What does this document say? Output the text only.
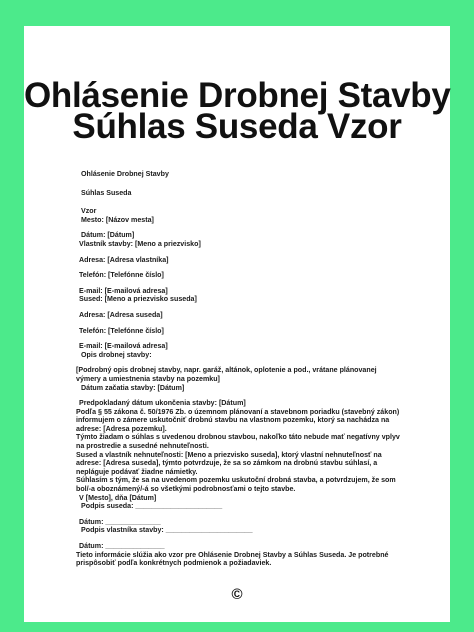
Ohlásenie Drobnej Stavby
Súhlas Suseda Vzor

Ohlásenie Drobnej Stavby

Súhlas Suseda

Vzor

Mesto: [Názov mesta]

Dátum: [Dátum]

Vlastník stavby: [Meno a priezvisko]

Adresa: [Adresa vlastníka]

Telefón: [Telefónne číslo]

E-mail: [E-mailová adresa]

Sused: [Meno a priezvisko suseda]

Adresa: [Adresa suseda]

Telefón: [Telefónne číslo]

E-mail: [E-mailová adresa]

Opis drobnej stavby:

[Podrobný opis drobnej stavby, napr. garáž, altánok, oplotenie a pod., vrátane plánovanej výmery a umiestnenia stavby na pozemku]

Dátum začatia stavby: [Dátum]

Predpokladaný dátum ukončenia stavby: [Dátum]

Podľa § 55 zákona č. 50/1976 Zb. o územnom plánovaní a stavebnom poriadku (stavebný zákon) informujem o zámere uskutočniť drobnú stavbu na vlastnom pozemku, ktorý sa nachádza na adrese: [Adresa pozemku].

Týmto žiadam o súhlas s uvedenou drobnou stavbou, nakoľko táto nebude mať negatívny vplyv na prostredie a susedné nehnuteľnosti.

Sused a vlastník nehnuteľnosti: [Meno a priezvisko suseda], ktorý vlastní nehnuteľnosť na adrese: [Adresa suseda], týmto potvrdzuje, že sa so zámkom na drobnú stavbu súhlasí, a nepláguje podávať žiadne námietky.

Súhlasím s tým, že sa na uvedenom pozemku uskutoční drobná stavba, a potvrdzujem, že som bol/-a oboznámený/-á so všetkými podrobnosťami o tejto stavbe.

V [Mesto], dňa [Dátum]

Podpis suseda: ______________________

Dátum: ______________

Podpis vlastníka stavby: ______________________

Dátum: _______________

Tieto informácie slúžia ako vzor pre Ohlásenie Drobnej Stavby a Súhlas Suseda. Je potrebné prispôsobiť podľa konkrétnych podmienok a požiadaviek.

©
